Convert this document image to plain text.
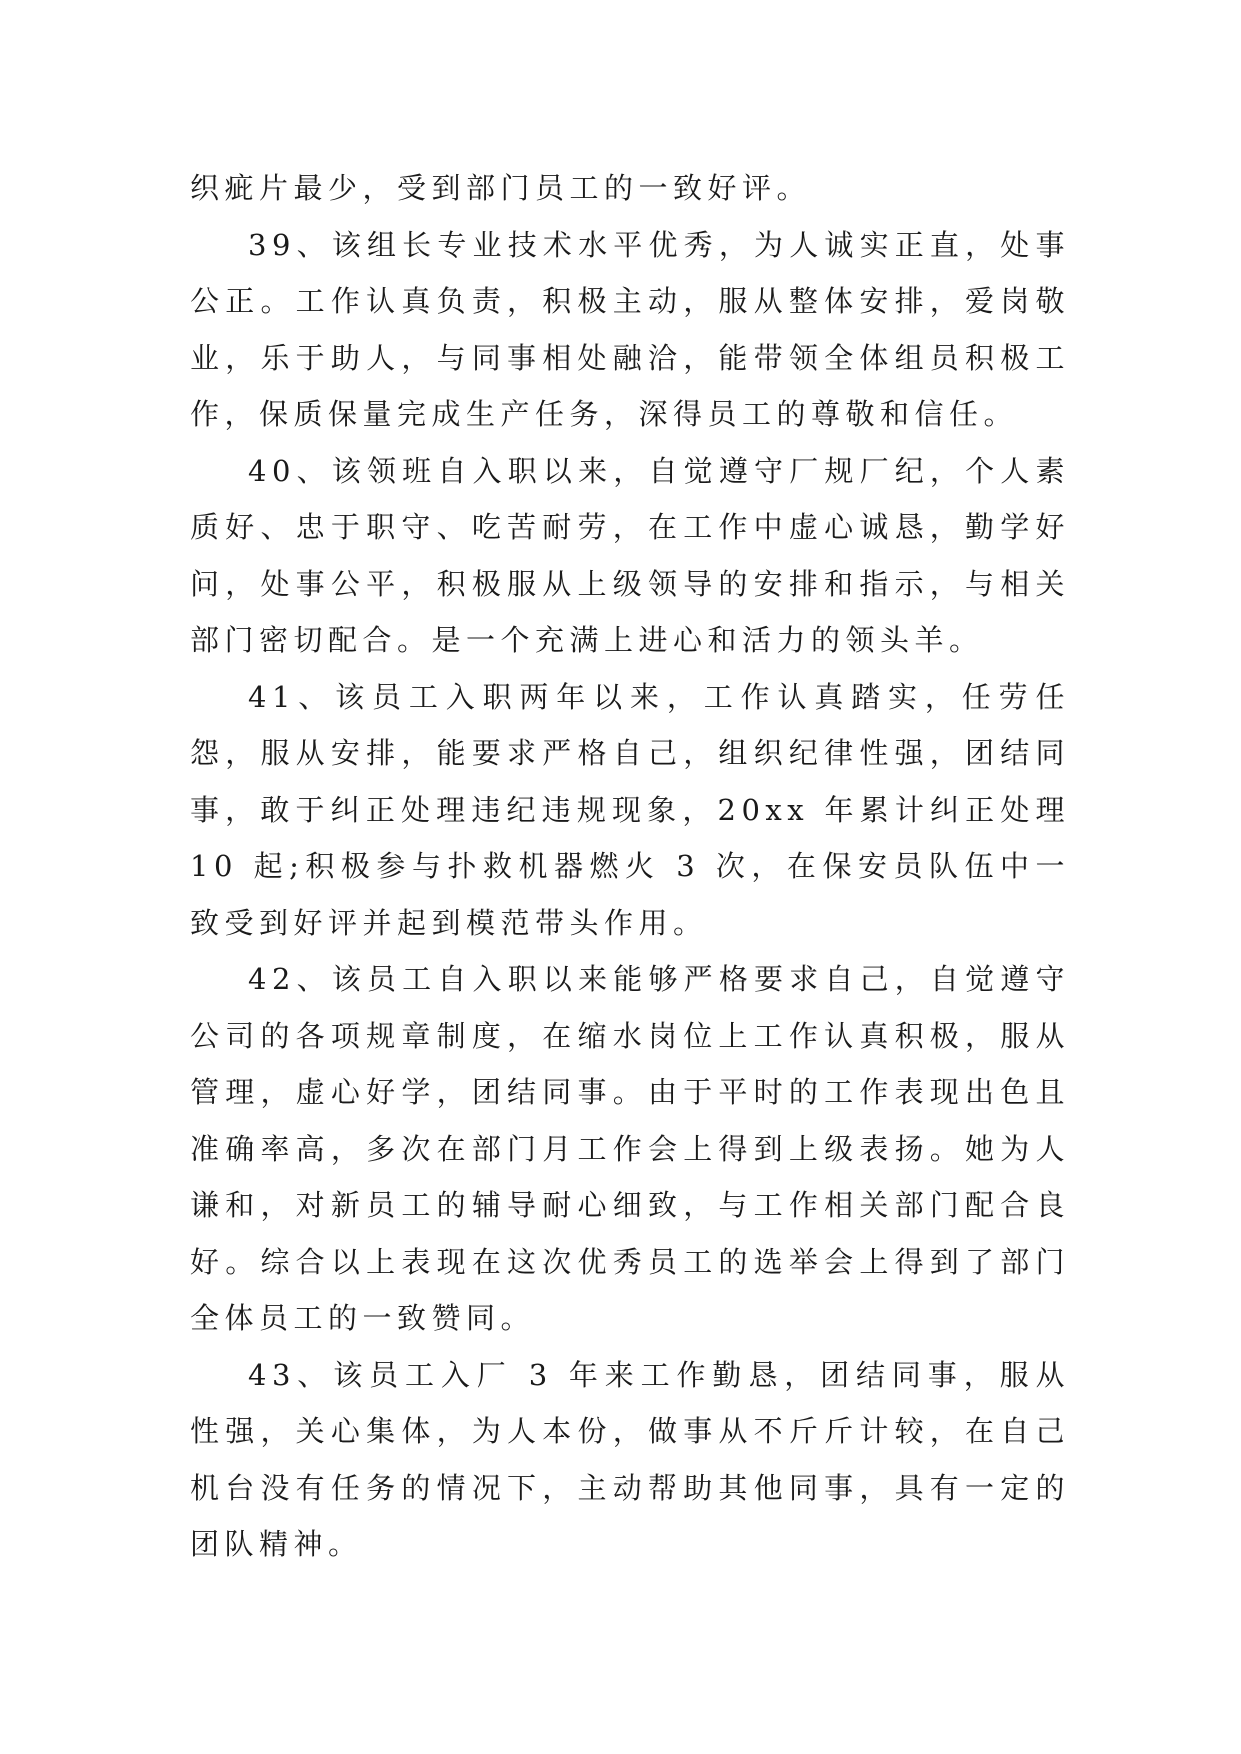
织疵片最少，受到部门员工的一致好评。

39、该组长专业技术水平优秀，为人诚实正直，处事公正。工作认真负责，积极主动，服从整体安排，爱岗敬业，乐于助人，与同事相处融洽，能带领全体组员积极工作，保质保量完成生产任务，深得员工的尊敬和信任。

40、该领班自入职以来，自觉遵守厂规厂纪，个人素质好、忠于职守、吃苦耐劳，在工作中虚心诚恳，勤学好问，处事公平，积极服从上级领导的安排和指示，与相关部门密切配合。是一个充满上进心和活力的领头羊。

41、该员工入职两年以来，工作认真踏实，任劳任怨，服从安排，能要求严格自己，组织纪律性强，团结同事，敢于纠正处理违纪违规现象，20xx 年累计纠正处理 10 起;积极参与扑救机器燃火 3 次，在保安员队伍中一致受到好评并起到模范带头作用。

42、该员工自入职以来能够严格要求自己，自觉遵守公司的各项规章制度，在缩水岗位上工作认真积极，服从管理，虚心好学，团结同事。由于平时的工作表现出色且准确率高，多次在部门月工作会上得到上级表扬。她为人谦和，对新员工的辅导耐心细致，与工作相关部门配合良好。综合以上表现在这次优秀员工的选举会上得到了部门全体员工的一致赞同。

43、该员工入厂 3 年来工作勤恳，团结同事，服从性强，关心集体，为人本份，做事从不斤斤计较，在自己机台没有任务的情况下，主动帮助其他同事，具有一定的团队精神。
